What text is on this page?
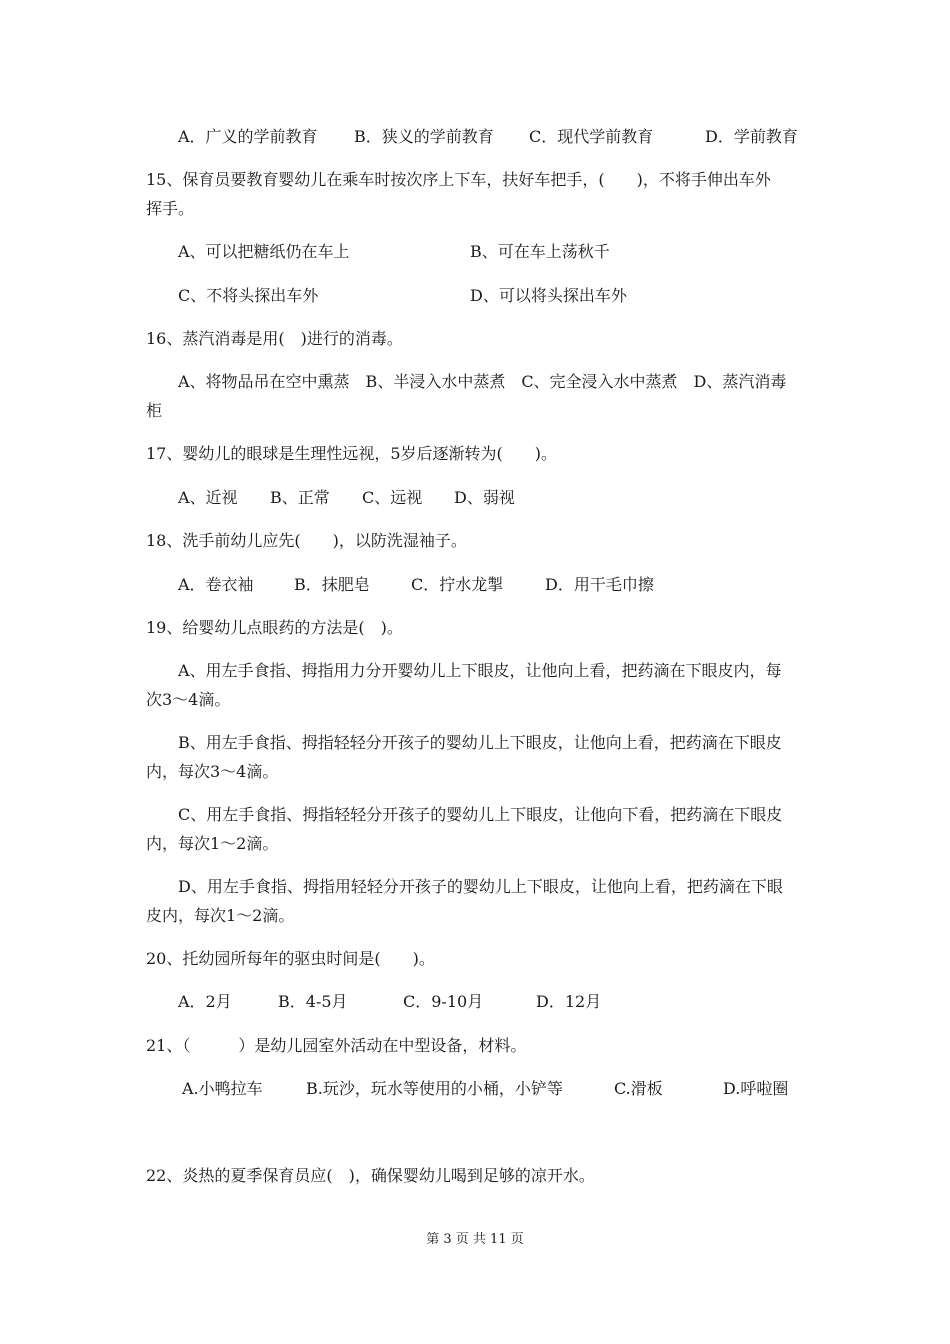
A．广义的学前教育 B．狭义的学前教育 C．现代学前教育	D．学前教育
15、保育员要教育婴幼儿在乘车时按次序上下车，扶好车把手，(　　)，不将手伸出车外
挥手。
A、可以把糖纸仍在车上	B、可在车上荡秋千
C、不将头探出车外	D、可以将头探出车外
16、蒸汽消毒是用(　)进行的消毒。
A、将物品吊在空中熏蒸　B、半浸入水中蒸煮　C、完全浸入水中蒸煮　D、蒸汽消毒
柜
17、婴幼儿的眼球是生理性远视，5岁后逐渐转为(　　)。
A、近视 B、正常 C、远视 D、弱视
18、洗手前幼儿应先(　　)，以防洗湿袖子。
A．卷衣袖	B．抹肥皂	C．拧水龙掣	D．用干毛巾擦
19、给婴幼儿点眼药的方法是(　)。
A、用左手食指、拇指用力分开婴幼儿上下眼皮，让他向上看，把药滴在下眼皮内，每
次3～4滴。
B、用左手食指、拇指轻轻分开孩子的婴幼儿上下眼皮，让他向上看，把药滴在下眼皮
内，每次3～4滴。
C、用左手食指、拇指轻轻分开孩子的婴幼儿上下眼皮，让他向下看，把药滴在下眼皮
内，每次1～2滴。
D、用左手食指、拇指用轻轻分开孩子的婴幼儿上下眼皮，让他向上看，把药滴在下眼
皮内，每次1～2滴。
20、托幼园所每年的驱虫时间是(　　)。
A．2月	B．4-5月	C．9-10月	D．12月
21、（　　　）是幼儿园室外活动在中型设备，材料。
A.小鸭拉车	B.玩沙，玩水等使用的小桶，小铲等	C.滑板	D.呼啦圈
22、炎热的夏季保育员应(　)，确保婴幼儿喝到足够的凉开水。
第 3 页 共 11 页
